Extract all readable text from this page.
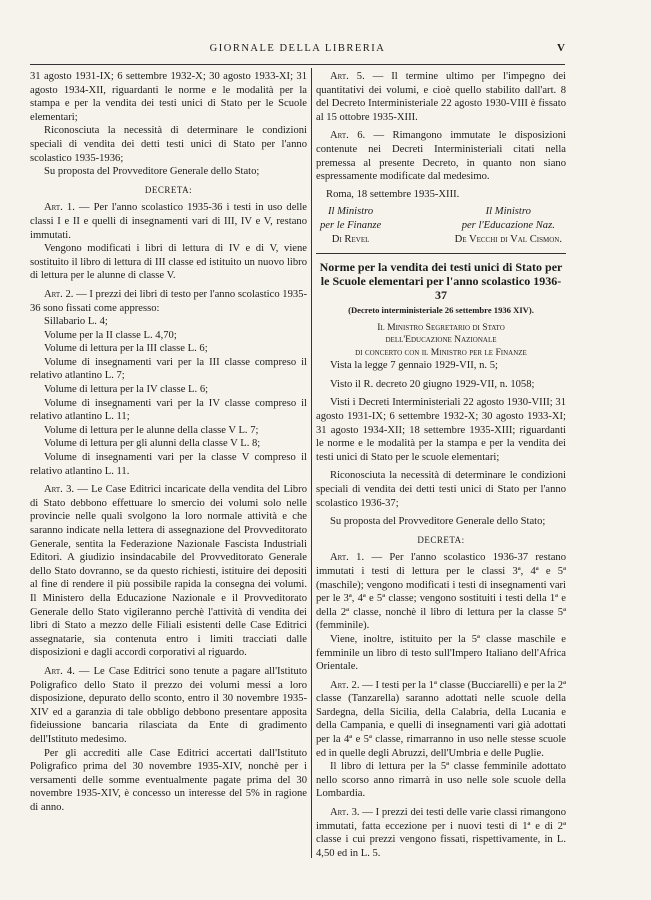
GIORNALE DELLA LIBRERIA	V

31 agosto 1931-IX; 6 settembre 1932-X; 30 agosto 1933-XI; 31 agosto 1934-XII, riguardanti le norme e le modalità per la stampa e per la vendita dei testi unici di Stato per le Scuole elementari;

Riconosciuta la necessità di determinare le condizioni speciali di vendita dei detti testi unici di Stato per l'anno scolastico 1935-1936;

Su proposta del Provveditore Generale dello Stato;

DECRETA:

Art. 1. — Per l'anno scolastico 1935-36 i testi in uso delle classi I e II e quelli di insegnamenti vari di III, IV e V, restano immutati.

Vengono modificati i libri di lettura di IV e di V, viene sostituito il libro di lettura di III classe ed istituito un nuovo libro di lettura per le alunne di classe V.

Art. 2. — I prezzi dei libri di testo per l'anno scolastico 1935-36 sono fissati come appresso:

Sillabario L. 4;

Volume per la II classe L. 4,70;

Volume di lettura per la III classe L. 6;

Volume di insegnamenti vari per la III classe compreso il relativo atlantino L. 7;

Volume di lettura per la IV classe L. 6;

Volume di insegnamenti vari per la IV classe compreso il relativo atlantino L. 11;

Volume di lettura per le alunne della classe V L. 7;

Volume di lettura per gli alunni della classe V L. 8;

Volume di insegnamenti vari per la classe V compreso il relativo atlantino L. 11.

Art. 3. — Le Case Editrici incaricate della vendita del Libro di Stato debbono effettuare lo smercio dei volumi solo nelle provincie nelle quali svolgono la loro normale attività e che saranno indicate nella lettera di assegnazione del Provveditorato Generale, sentita la Federazione Nazionale Fascista Industriali Editori. A giudizio insindacabile del Provveditorato Generale dello Stato dovranno, se da questo richiesti, istituire dei depositi al fine di rendere il più possibile rapida la consegna dei volumi. Il Ministero della Educazione Nazionale e il Provveditorato Generale dello Stato vigileranno perchè l'attività di vendita dei libri di Stato a mezzo delle Filiali esistenti delle Case Editrici assegnatarie, sia contenuta entro i limiti tracciati dalle disposizioni e dagli accordi corporativi al riguardo.

Art. 4. — Le Case Editrici sono tenute a pagare all'Istituto Poligrafico dello Stato il prezzo dei volumi messi a loro disposizione, depurato dello sconto, entro il 30 novembre 1935-XIV ed a garanzia di tale obbligo debbono presentare apposita fideiussione bancaria rilasciata da Ente di gradimento dell'Istituto medesimo.

Per gli accrediti alle Case Editrici accertati dall'Istituto Poligrafico prima del 30 novembre 1935-XIV, nonchè per i versamenti delle somme eventualmente pagate prima del 30 novembre 1935-XIV, è concesso un interesse del 5% in ragione di anno.

Art. 5. — Il termine ultimo per l'impegno dei quantitativi dei volumi, e cioè quello stabilito dall'art. 8 del Decreto Interministeriale 22 agosto 1930-VIII è fissato al 15 ottobre 1935-XIII.

Art. 6. — Rimangono immutate le disposizioni contenute nei Decreti Interministeriali citati nella premessa al presente Decreto, in quanto non siano espressamente modificate dal medesimo.

Roma, 18 settembre 1935-XIII.

Il Ministro
per le Finanze
Di Revel
Il Ministro
per l'Educazione Naz.
De Vecchi di Val Cismon.
Norme per la vendita dei testi unici di Stato per le Scuole elementari per l'anno scolastico 1936-37
(Decreto interministeriale 26 settembre 1936 XIV).
Il Ministro Segretario di Stato
dell'Educazione Nazionale
di concerto con il Ministro per le Finanze

Vista la legge 7 gennaio 1929-VII, n. 5;

Visto il R. decreto 20 giugno 1929-VII, n. 1058;

Visti i Decreti Interministeriali 22 agosto 1930-VIII; 31 agosto 1931-IX; 6 settembre 1932-X; 30 agosto 1933-XI; 31 agosto 1934-XII; 18 settembre 1935-XIII; riguardanti le norme e le modalità per la stampa e per la vendita dei testi unici di Stato per le scuole elementari;

Riconosciuta la necessità di determinare le condizioni speciali di vendita dei detti testi unici di Stato per l'anno scolastico 1936-37;

Su proposta del Provveditore Generale dello Stato;

DECRETA:

Art. 1. — Per l'anno scolastico 1936-37 restano immutati i testi di lettura per le classi 3ª, 4ª e 5ª (maschile); vengono modificati i testi di insegnamenti vari per le 3ª, 4ª e 5ª classe; vengono sostituiti i testi della 1ª e della 2ª classe, nonchè il libro di lettura per la classe 5ª (femminile).

Viene, inoltre, istituito per la 5ª classe maschile e femminile un libro di testo sull'Impero Italiano dell'Africa Orientale.

Art. 2. — I testi per la 1ª classe (Bucciarelli) e per la 2ª classe (Tanzarella) saranno adottati nelle scuole della Sardegna, della Sicilia, della Calabria, della Lucania e della Campania, e quelli di insegnamenti vari già adottati per la 4ª e 5ª classe, rimarranno in uso nelle stesse scuole ed in quelle degli Abruzzi, dell'Umbria e delle Puglie.

Il libro di lettura per la 5ª classe femminile adottato nello scorso anno rimarrà in uso nelle sole scuole della Lombardia.

Art. 3. — I prezzi dei testi delle varie classi rimangono immutati, fatta eccezione per i nuovi testi di 1ª e di 2ª classe i cui prezzi vengono fissati, rispettivamente, in L. 4,50 ed in L. 5.
